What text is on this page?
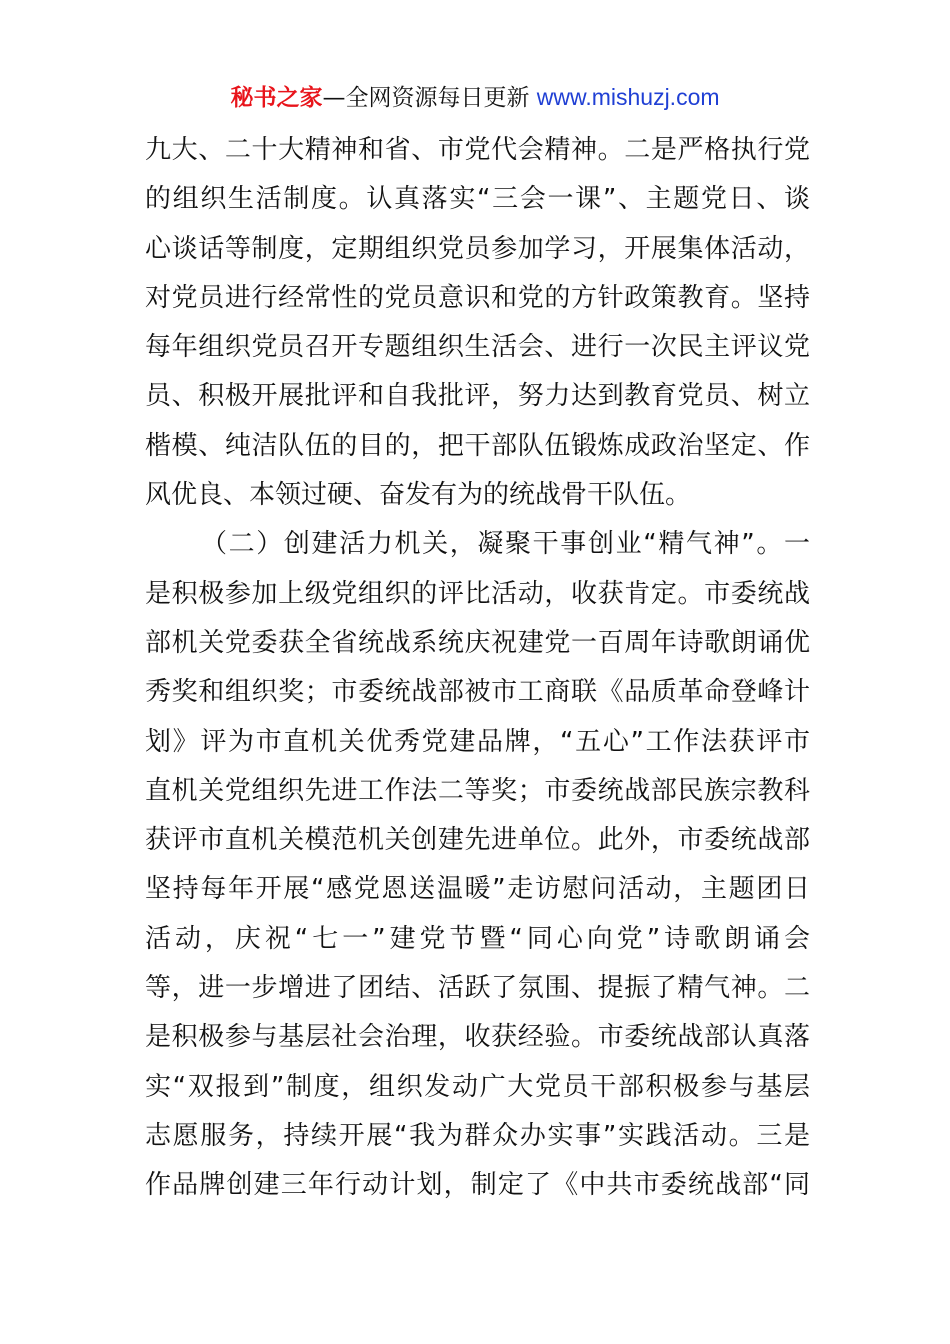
秘书之家—全网资源每日更新 www.mishuzj.com
九大、二十大精神和省、市党代会精神。二是严格执行党
的组织生活制度。认真落实“三会一课”、主题党日、谈
心谈话等制度，定期组织党员参加学习，开展集体活动，
对党员进行经常性的党员意识和党的方针政策教育。坚持
每年组织党员召开专题组织生活会、进行一次民主评议党
员、积极开展批评和自我批评，努力达到教育党员、树立
楷模、纯洁队伍的目的，把干部队伍锻炼成政治坚定、作
风优良、本领过硬、奋发有为的统战骨干队伍。
（二）创建活力机关，凝聚干事创业“精气神”。一
是积极参加上级党组织的评比活动，收获肯定。市委统战
部机关党委获全省统战系统庆祝建党一百周年诗歌朗诵优
秀奖和组织奖；市委统战部被市工商联《品质革命登峰计
划》评为市直机关优秀党建品牌，“五心”工作法获评市
直机关党组织先进工作法二等奖；市委统战部民族宗教科
获评市直机关模范机关创建先进单位。此外，市委统战部
坚持每年开展“感党恩送温暖”走访慰问活动，主题团日
活动，庆祝“七一”建党节暨“同心向党”诗歌朗诵会
等，进一步增进了团结、活跃了氛围、提振了精气神。二
是积极参与基层社会治理，收获经验。市委统战部认真落
实“双报到”制度，组织发动广大党员干部积极参与基层
志愿服务，持续开展“我为群众办实事”实践活动。三是
作品牌创建三年行动计划，制定了《中共市委统战部“同
